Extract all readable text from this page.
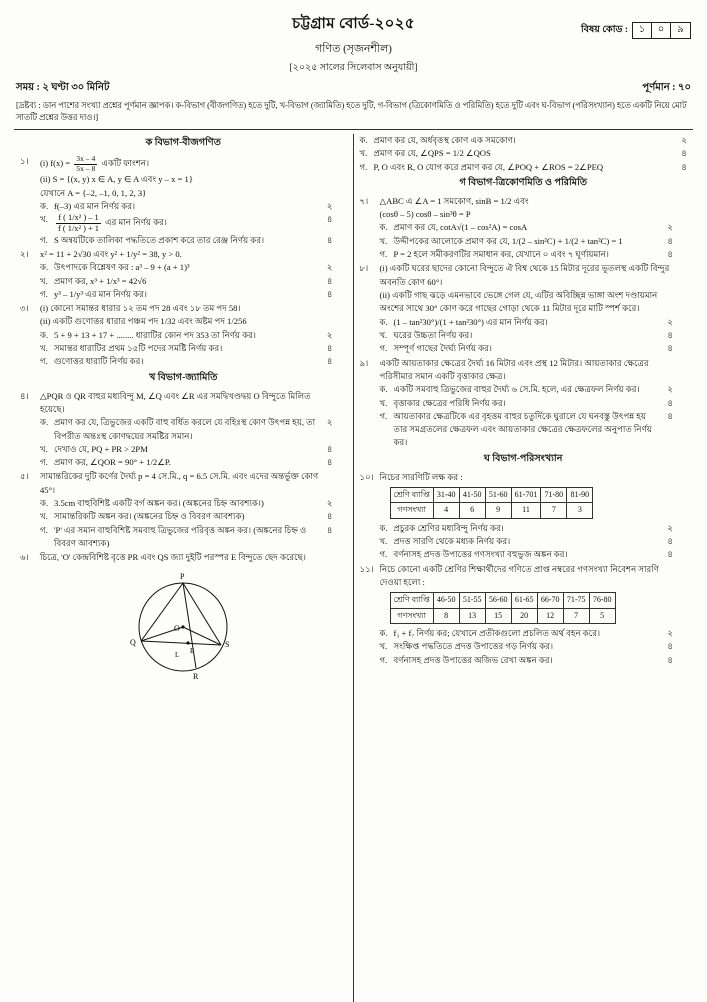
চট্টগ্রাম বোর্ড-২০২৫
গণিত (সৃজনশীল)
[২০২৫ সালের সিলেবাস অনুযায়ী]
বিষয় কোড :	১	০	৯
সময় : ২ ঘণ্টা ৩০ মিনিট	পূর্ণমান : ৭০
[দ্রষ্টব্য : ডান পাশের সংখ্যা প্রশ্নের পূর্ণমান জ্ঞাপক। ক-বিভাগ (বীজগণিত) হতে দুটি, খ-বিভাগ (জ্যামিতি) হতে দুটি, গ-বিভাগ (ত্রিকোণমিতি ও পরিমিতি) হতে দুটি এবং ঘ-বিভাগ (পরিসংখ্যান) হতে একটি নিয়ে মোট সাতটি প্রশ্নের উত্তর দাও।]
ক বিভাগ-বীজগণিত
১।	(i) $f(x) = \frac{3x - 4}{5x - 8}$ একটি ফাংশন।
(ii) S = {(x, y) x ∈ A, y ∈ A এবং y – x = 1}
যেখানে A = {–2, –1, 0, 1, 2, 3}
ক. f(–3) এর মান নির্ণয় কর।	২
খ. $\frac{\text{f ( 1/x² ) – 1}}{\text{f ( 1/x² ) + 1}}$ এর মান নির্ণয় কর।	৪
গ. S অন্বয়টিকে তালিকা পদ্ধতিতে প্রকাশ করে তার রেঞ্জ নির্ণয় কর।	৪
২।	x² = 11 + 2√30 এবং y² + 1/y² = 38, y > 0.
ক. উৎপাদকে বিশ্লেষণ কর : a³ – 9 + (a + 1)³	২
খ. প্রমাণ কর, x³ + 1/x³ = 42√6	৪
গ. y³ – 1/y³ এর মান নির্ণয় কর।	৪
৩।	(i) কোনো সমান্তর ধারার ১২ তম পদ 28 এবং ১৮ তম পদ 58।
(ii) একটি গুণোত্তর ধারার পঞ্চম পদ 1/32 এবং অষ্টম পদ 1/256
ক. 5 + 9 + 13 + 17 + ........ ধারাটির কোন পদ 353 তা নির্ণয় কর।	২
খ. সমান্তর ধারাটির প্রথম ১৫টি পদের সমষ্টি নির্ণয় কর।	৪
গ. গুণোত্তর ধারাটি নির্ণয় কর।	৪
খ বিভাগ-জ্যামিতি
৪।	△PQR ও QR বাহুর মধ্যবিন্দু M, ∠Q এবং ∠R এর সমদ্বিখণ্ডদ্বয় O বিন্দুতে মিলিত হয়েছে।
ক. প্রমাণ কর যে, ত্রিভুজের একটি বাহু বর্ধিত করলে যে বহিঃস্থ কোণ উৎপন্ন হয়, তা বিপরীত অন্তঃস্থ কোণদ্বয়ের সমষ্টির সমান।
২
খ. দেখাও যে, PQ + PR > 2PM	৪
গ. প্রমাণ কর, ∠QOR = 90° + 1/2∠P.	৪
৫।	সামান্তরিকের দুটি কর্ণের দৈর্ঘ্য p = 4 সে.মি., q = 6.5 সে.মি. এবং এদের অন্তর্ভুক্ত কোণ 45°।
ক. 3.5cm বাহুবিশিষ্ট একটি বর্গ অঙ্কন কর। (অঙ্কনের চিহ্ন আবশ্যক।)	২
খ. সামান্তরিকটি অঙ্কন কর। (অঙ্কনের চিহ্ন ও বিবরণ আবশ্যক)	৪
গ. 'P' এর সমান বাহুবিশিষ্ট সমবাহু ত্রিভুজের পরিবৃত্ত অঙ্কন কর। (অঙ্কনের চিহ্ন ও বিবরণ আবশ্যক)
৪
৬।	চিত্রে, 'O' কেন্দ্রবিশিষ্ট বৃত্তে PR এবং QS জ্যা দুইটি পরস্পর E বিন্দুতে ছেদ করেছে।
P
Q	S
R
O
E
L
ক. প্রমাণ কর যে, অর্ধবৃত্তস্থ কোণ এক সমকোণ।	২
খ. প্রমাণ কর যে, ∠QPS = 1/2 ∠QOS	৪
গ. P, O এবং R, O যোগ করে প্রমাণ কর যে, ∠POQ + ∠ROS = 2∠PEQ	৪
গ বিভাগ-ত্রিকোণমিতি ও পরিমিতি
৭।	△ABC এ ∠A = 1 সমকোণ, sinB = 1/2 এবং
(cosθ – 5) cosθ – sin³θ = P
ক. প্রমাণ কর যে, cotA√(1 – cos²A) = cosA	২
খ. উদ্দীপকের আলোকে প্রমাণ কর যে, 1/(2 – sin²C) + 1/(2 + tan²C) = 1	৪
গ. P = 2 হলে সমীকরণটির সমাধান কর, যেখানে ০ এবং ৭ ঘূর্ণায়মান।	৪
৮।	(i) একটি ঘরের ছাদের কোনো বিন্দুতে ঐ বিশ্ব থেকে 15 মিটার দূরের ভূতলস্থ একটি বিন্দুর অবনতি কোণ 60°।
(ii) একটি গাছ ঝড়ে এমনভাবে ভেঙ্গে গেল যে, এটির অবিচ্ছিন্ন ভাঙ্গা অংশ দণ্ডায়মান অংশের সাথে 30° কোণ করে গাছের গোড়া থেকে 11 মিটার দূরে মাটি স্পর্শ করে।
ক. (1 – tan²30°)/(1 + tan²30°) এর মান নির্ণয় কর।	২
খ. ঘরের উচ্চতা নির্ণয় কর।	৪
গ. সম্পূর্ণ গাছের দৈর্ঘ্য নির্ণয় কর।	৪
৯।	একটি আয়তাকার ক্ষেত্রের দৈর্ঘ্য 16 মিটার এবং প্রস্থ 12 মিটার। আয়তাকার ক্ষেত্রের পরিসীমার সমান একটি বৃত্তাকার ক্ষেত্র।
ক. একটি সমবাহু ত্রিভুজের বাহুর দৈর্ঘ্য ৬ সে.মি. হলে, এর ক্ষেত্রফল নির্ণয় কর।	২
খ. বৃত্তাকার ক্ষেত্রের পরিধি নির্ণয় কর।	৪
গ. আয়তাকার ক্ষেত্রটিকে এর বৃহত্তম বাহুর চতুর্দিকে ঘুরালে যে ঘনবস্তু উৎপন্ন হয় তার সমগ্রতলের ক্ষেত্রফল এবং আয়তাকার ক্ষেত্রের ক্ষেত্রফলের অনুপাত নির্ণয় কর।
৪
ঘ বিভাগ-পরিসংখ্যান
১০। নিচের সারণিটি লক্ষ কর :
শ্রেণি ব্যাপ্তি	31-40	41-50	51-60	61-701	71-80	81-90
গণসংখ্যা	4	6	9	11	7	3
ক. প্রচুরক শ্রেণির মধ্যবিন্দু নির্ণয় কর।	২
খ. প্রদত্ত সারণি থেকে মধ্যক নির্ণয় কর।	৪
গ. বর্ণনাসহ প্রদত্ত উপাত্তের গণসংখ্যা বহুভুজ অঙ্কন কর।	৪
১১। নিচে কোনো একটি শ্রেণির শিক্ষার্থীদের গণিতে প্রাপ্ত নম্বরের গণসংখ্যা নিবেশন সারণি দেওয়া হলো :
শ্রেণি ব্যাপ্তি	46-50	51-55	56-60	61-65	66-70	71-75	76-80
গণসংখ্যা	8	13	15	20	12	7	5
ক. f₃ + f₇ নির্ণয় কর; যেখানে প্রতীকগুলো প্রচলিত অর্থ বহন করে।	২
খ. সংক্ষিপ্ত পদ্ধতিতে প্রদত্ত উপাত্তের গড় নির্ণয় কর।	৪
গ. বর্ণনাসহ প্রদত্ত উপাত্তের অজিভ রেখা অঙ্কন কর।	৪
